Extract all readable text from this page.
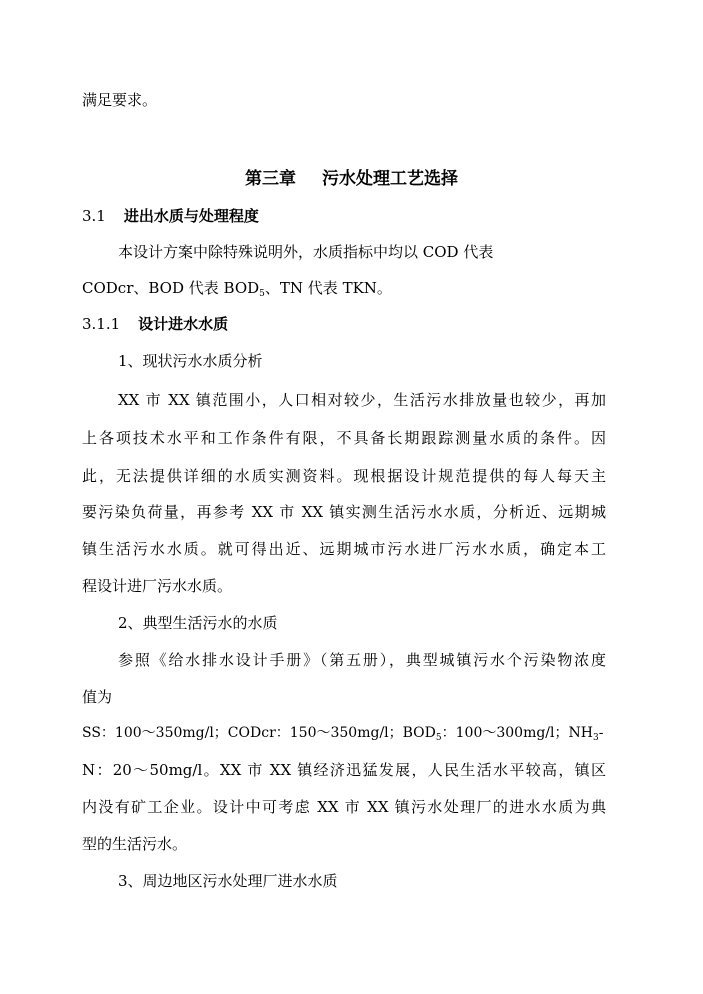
满足要求。

第三章 污水处理工艺选择
3.1 进出水质与处理程度

本设计方案中除特殊说明外，水质指标中均以 COD 代表

CODcr、BOD 代表 $BOD_5$、TN 代表 TKN。

3.1.1 设计进水水质

1、现状污水水质分析

XX 市 XX 镇范围小，人口相对较少，生活污水排放量也较少，再加

上各项技术水平和工作条件有限，不具备长期跟踪测量水质的条件。因

此，无法提供详细的水质实测资料。现根据设计规范提供的每人每天主

要污染负荷量，再参考 XX 市 XX 镇实测生活污水水质，分析近、远期城

镇生活污水水质。就可得出近、远期城市污水进厂污水水质，确定本工

程设计进厂污水水质。

2、典型生活污水的水质

参照《给水排水设计手册》（第五册），典型城镇污水个污染物浓度

值为

SS：100～350mg/l；CODcr：150～350mg/l；$BOD_5$：100～300mg/l；$NH_3-$

N：20～50mg/l。XX 市 XX 镇经济迅猛发展，人民生活水平较高，镇区

内没有矿工企业。设计中可考虑 XX 市 XX 镇污水处理厂的进水水质为典

型的生活污水。

3、周边地区污水处理厂进水水质
